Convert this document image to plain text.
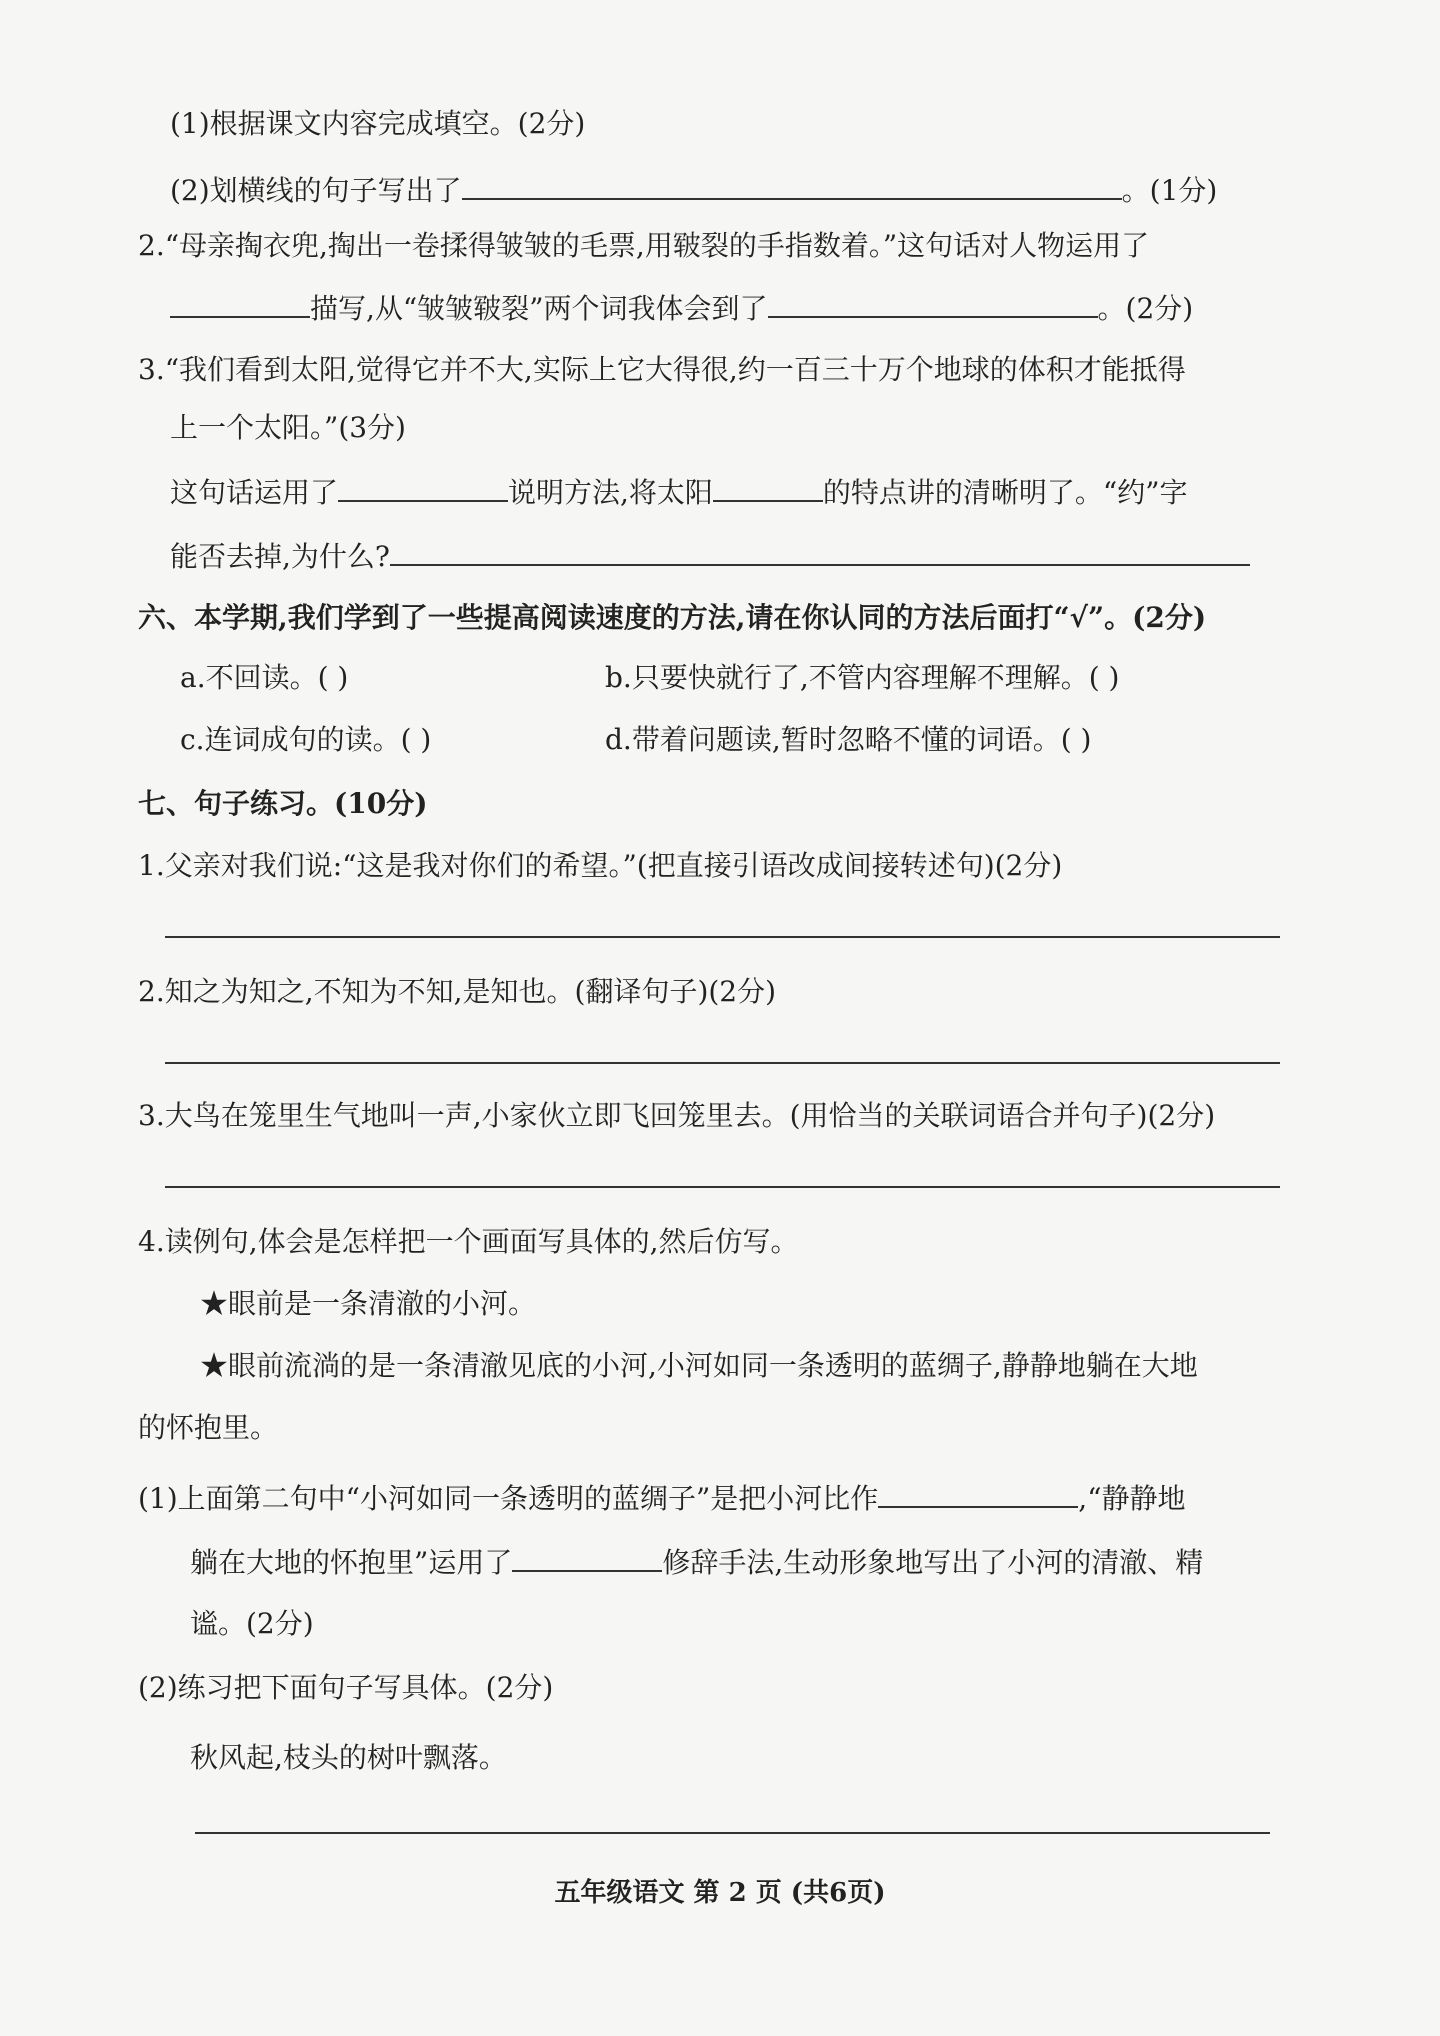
(1)根据课文内容完成填空。(2分)
(2)划横线的句子写出了	。(1分)
2.“母亲掏衣兜,掏出一卷揉得皱皱的毛票,用皲裂的手指数着。”这句话对人物运用了
描写,从“皱皱皲裂”两个词我体会到了	。(2分)
3.“我们看到太阳,觉得它并不大,实际上它大得很,约一百三十万个地球的体积才能抵得
上一个太阳。”(3分)
这句话运用了	说明方法,将太阳	的特点讲的清晰明了。“约”字
能否去掉,为什么?
六、本学期,我们学到了一些提高阅读速度的方法,请在你认同的方法后面打“√”。(2分)
a.不回读。( )	b.只要快就行了,不管内容理解不理解。( )
c.连词成句的读。( )	d.带着问题读,暂时忽略不懂的词语。( )
七、句子练习。(10分)
1.父亲对我们说:“这是我对你们的希望。”(把直接引语改成间接转述句)(2分)
2.知之为知之,不知为不知,是知也。(翻译句子)(2分)
3.大鸟在笼里生气地叫一声,小家伙立即飞回笼里去。(用恰当的关联词语合并句子)(2分)
4.读例句,体会是怎样把一个画面写具体的,然后仿写。
★眼前是一条清澈的小河。
★眼前流淌的是一条清澈见底的小河,小河如同一条透明的蓝绸子,静静地躺在大地
的怀抱里。
(1)上面第二句中“小河如同一条透明的蓝绸子”是把小河比作	,“静静地
躺在大地的怀抱里”运用了	修辞手法,生动形象地写出了小河的清澈、精
谧。(2分)
(2)练习把下面句子写具体。(2分)
秋风起,枝头的树叶飘落。
五年级语文 第 2 页 (共6页)
